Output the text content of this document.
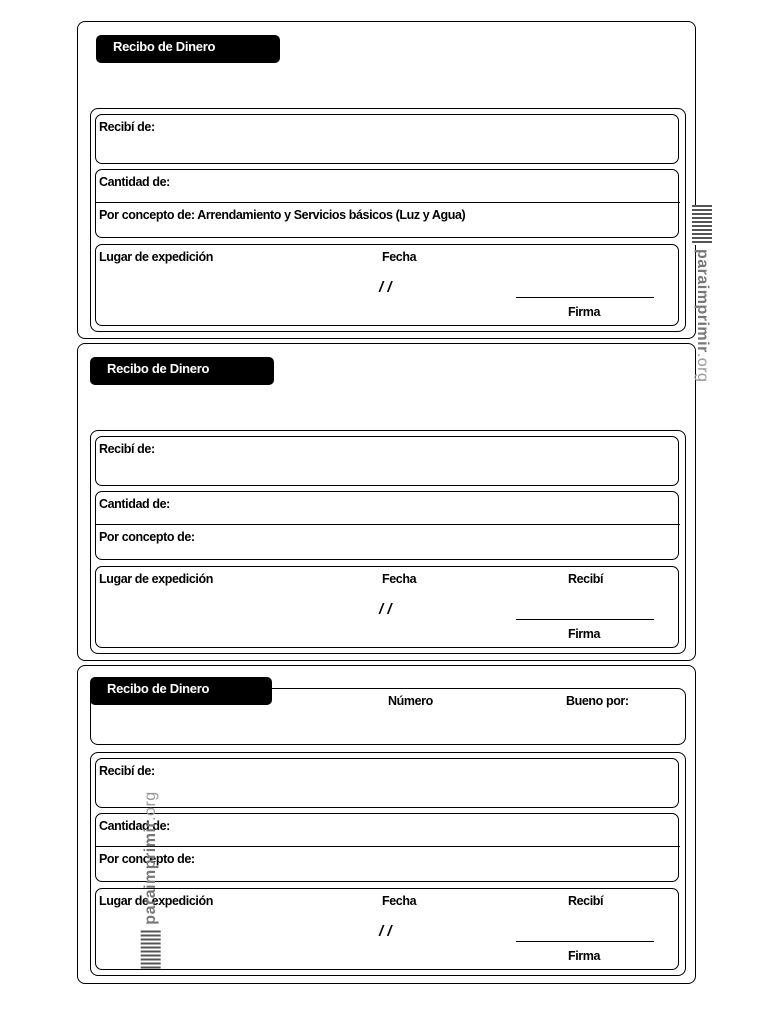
Recibo de Dinero
Recibí de:
Cantidad de:
Por concepto de: Arrendamiento y Servicios básicos (Luz y Agua)
Lugar de expedición	Fecha
/ /
Firma
Recibo de Dinero
Recibí de:
Cantidad de:
Por concepto de:
Lugar de expedición	Fecha	Recibí
/ /
Firma
Número	Bueno por:
Recibo de Dinero
Recibí de:
Cantidad de:
Por concepto de:
Lugar de expedición	Fecha	Recibí
/ /
Firma
paraimprimir.org
paraimprimir.org
